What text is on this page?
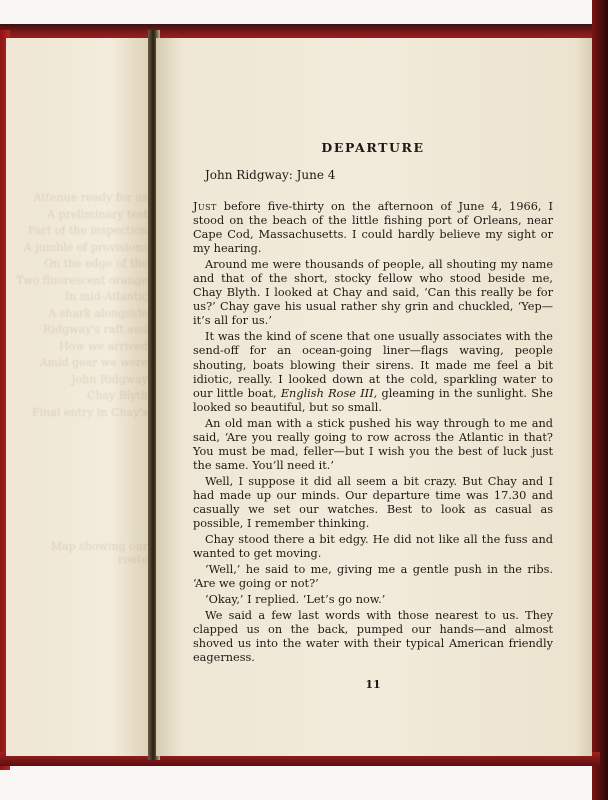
Attenue ready for us
A preliminary test
Part of the inspection
A jumble of provisions
On the edge of the
Two fluorescent orange
In mid-Atlantic
A shark alongside
Ridgway's raft and
How we arrived
Amid gear we were
John Ridgway
Chay Blyth
Final entry in Chay's
Map showing our route
DEPARTURE
John Ridgway: June 4

Just before five-thirty on the afternoon of June 4, 1966, I stood on the beach of the little fishing port of Orleans, near Cape Cod, Massachusetts. I could hardly believe my sight or my hearing.

Around me were thousands of people, all shouting my name and that of the short, stocky fellow who stood beside me, Chay Blyth. I looked at Chay and said, ‘Can this really be for us?’ Chay gave his usual rather shy grin and chuckled, ‘Yep—it’s all for us.’

It was the kind of scene that one usually associates with the send-off for an ocean-going liner—flags waving, people shouting, boats blowing their sirens. It made me feel a bit idiotic, really. I looked down at the cold, sparkling water to our little boat, English Rose III, gleaming in the sunlight. She looked so beautiful, but so small.

An old man with a stick pushed his way through to me and said, ‘Are you really going to row across the Atlantic in that? You must be mad, feller—but I wish you the best of luck just the same. You’ll need it.’

Well, I suppose it did all seem a bit crazy. But Chay and I had made up our minds. Our departure time was 17.30 and casually we set our watches. Best to look as casual as possible, I remember thinking.

Chay stood there a bit edgy. He did not like all the fuss and wanted to get moving.

‘Well,’ he said to me, giving me a gentle push in the ribs. ‘Are we going or not?’

‘Okay,’ I replied. ‘Let’s go now.’

We said a few last words with those nearest to us. They clapped us on the back, pumped our hands—and almost shoved us into the water with their typical American friendly eagerness.

11
